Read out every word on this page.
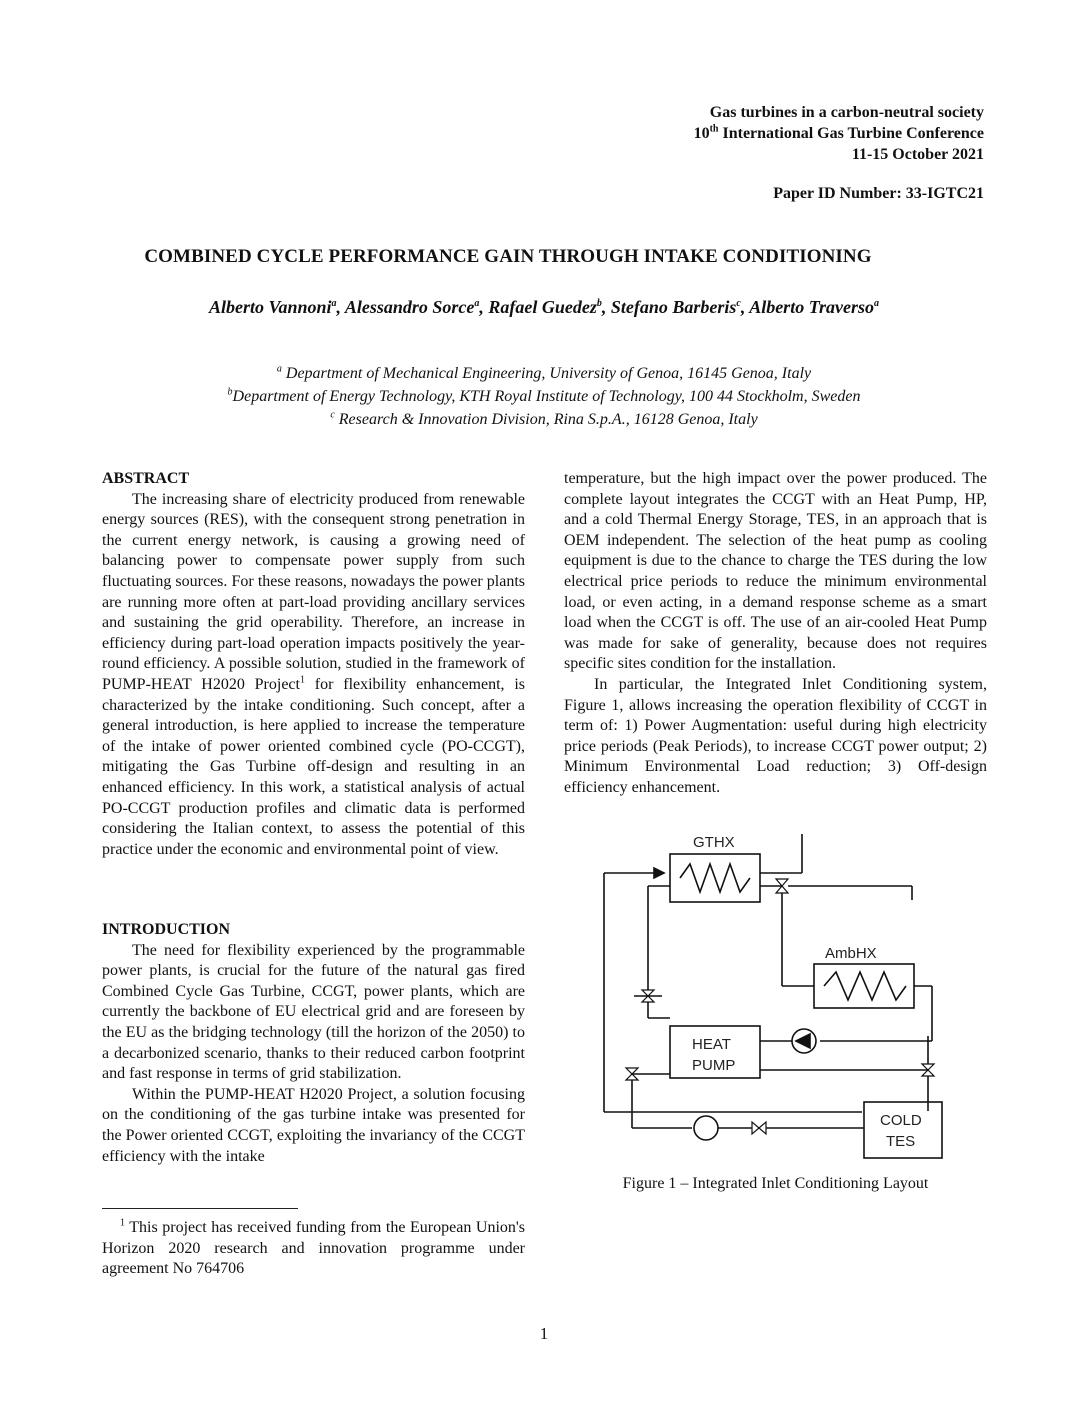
Gas turbines in a carbon-neutral society
10th International Gas Turbine Conference
11-15 October 2021
Paper ID Number: 33-IGTC21
COMBINED CYCLE PERFORMANCE GAIN THROUGH INTAKE CONDITIONING
Alberto Vannoni$^a$, Alessandro Sorce$^a$, Rafael Guedez$^b$, Stefano Barberis$^c$, Alberto Traverso$^a$
$^a$ Department of Mechanical Engineering, University of Genoa, 16145 Genoa, Italy
$^b$Department of Energy Technology, KTH Royal Institute of Technology, 100 44 Stockholm, Sweden
$^c$ Research & Innovation Division, Rina S.p.A., 16128 Genoa, Italy

ABSTRACT

The increasing share of electricity produced from renewable energy sources (RES), with the consequent strong penetration in the current energy network, is causing a growing need of balancing power to compensate power supply from such fluctuating sources. For these reasons, nowadays the power plants are running more often at part-load providing ancillary services and sustaining the grid operability. Therefore, an increase in efficiency during part-load operation impacts positively the year-round efficiency. A possible solution, studied in the framework of PUMP-HEAT H2020 Project$^1$ for flexibility enhancement, is characterized by the intake conditioning. Such concept, after a general introduction, is here applied to increase the temperature of the intake of power oriented combined cycle (PO-CCGT), mitigating the Gas Turbine off-design and resulting in an enhanced efficiency. In this work, a statistical analysis of actual PO-CCGT production profiles and climatic data is performed considering the Italian context, to assess the potential of this practice under the economic and environmental point of view.

INTRODUCTION

The need for flexibility experienced by the programmable power plants, is crucial for the future of the natural gas fired Combined Cycle Gas Turbine, CCGT, power plants, which are currently the backbone of EU electrical grid and are foreseen by the EU as the bridging technology (till the horizon of the 2050) to a decarbonized scenario, thanks to their reduced carbon footprint and fast response in terms of grid stabilization.

Within the PUMP-HEAT H2020 Project, a solution focusing on the conditioning of the gas turbine intake was presented for the Power oriented CCGT, exploiting the invariancy of the CCGT efficiency with the intake

temperature, but the high impact over the power produced. The complete layout integrates the CCGT with an Heat Pump, HP, and a cold Thermal Energy Storage, TES, in an approach that is OEM independent. The selection of the heat pump as cooling equipment is due to the chance to charge the TES during the low electrical price periods to reduce the minimum environmental load, or even acting, in a demand response scheme as a smart load when the CCGT is off. The use of an air-cooled Heat Pump was made for sake of generality, because does not requires specific sites condition for the installation.

In particular, the Integrated Inlet Conditioning system, Figure 1, allows increasing the operation flexibility of CCGT in term of: 1) Power Augmentation: useful during high electricity price periods (Peak Periods), to increase CCGT power output; 2) Minimum Environmental Load reduction; 3) Off-design efficiency enhancement.

AmbHX
GTHX
HEAT
PUMP
COLD
TES
Figure 1 – Integrated Inlet Conditioning Layout
$^1$ This project has received funding from the European Union's Horizon 2020 research and innovation programme under agreement No 764706
1
